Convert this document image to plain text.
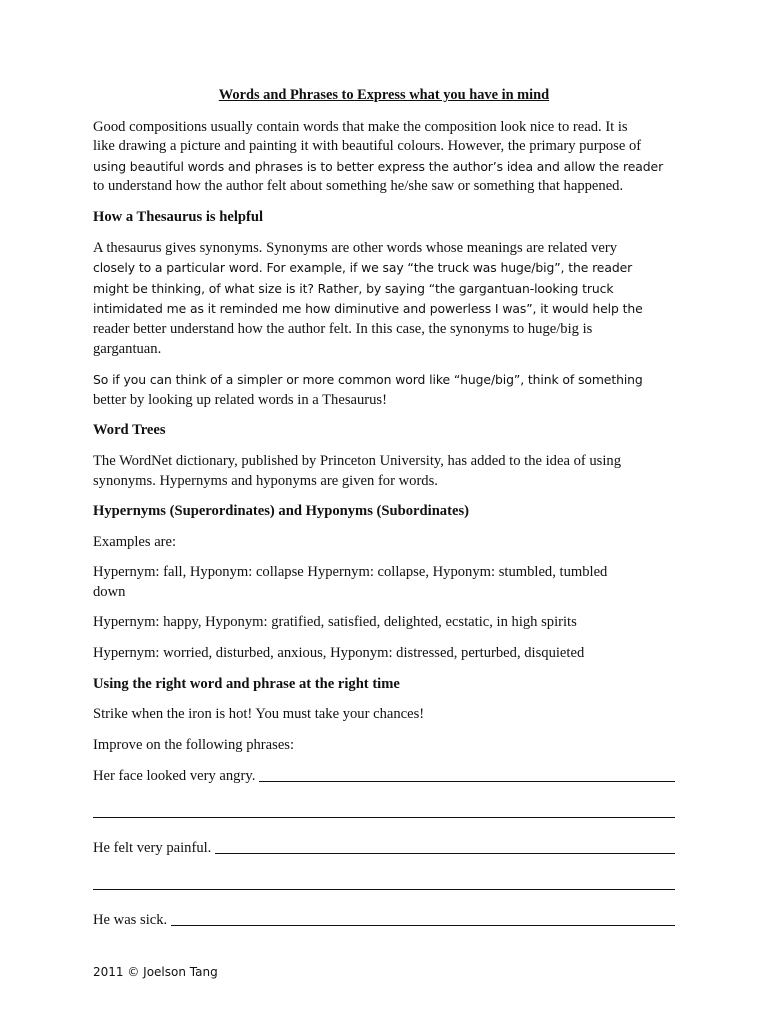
Words and Phrases to Express what you have in mind

Good compositions usually contain words that make the composition look nice to read. It is
like drawing a picture and painting it with beautiful colours. However, the primary purpose of
using beautiful words and phrases is to better express the author’s idea and allow the reader
to understand how the author felt about something he/she saw or something that happened.

How a Thesaurus is helpful

A thesaurus gives synonyms. Synonyms are other words whose meanings are related very
closely to a particular word. For example, if we say “the truck was huge/big”, the reader
might be thinking, of what size is it? Rather, by saying “the gargantuan-looking truck
intimidated me as it reminded me how diminutive and powerless I was”, it would help the
reader better understand how the author felt. In this case, the synonyms to huge/big is
gargantuan.

So if you can think of a simpler or more common word like “huge/big”, think of something
better by looking up related words in a Thesaurus!

Word Trees

The WordNet dictionary, published by Princeton University, has added to the idea of using
synonyms. Hypernyms and hyponyms are given for words.

Hypernyms (Superordinates) and Hyponyms (Subordinates)

Examples are:

Hypernym: fall, Hyponym: collapse Hypernym: collapse, Hyponym: stumbled, tumbled
down

Hypernym: happy, Hyponym: gratified, satisfied, delighted, ecstatic, in high spirits

Hypernym: worried, disturbed, anxious, Hyponym: distressed, perturbed, disquieted

Using the right word and phrase at the right time

Strike when the iron is hot! You must take your chances!

Improve on the following phrases:

Her face looked very angry.
He felt very painful.
He was sick.
2011 © Joelson Tang
